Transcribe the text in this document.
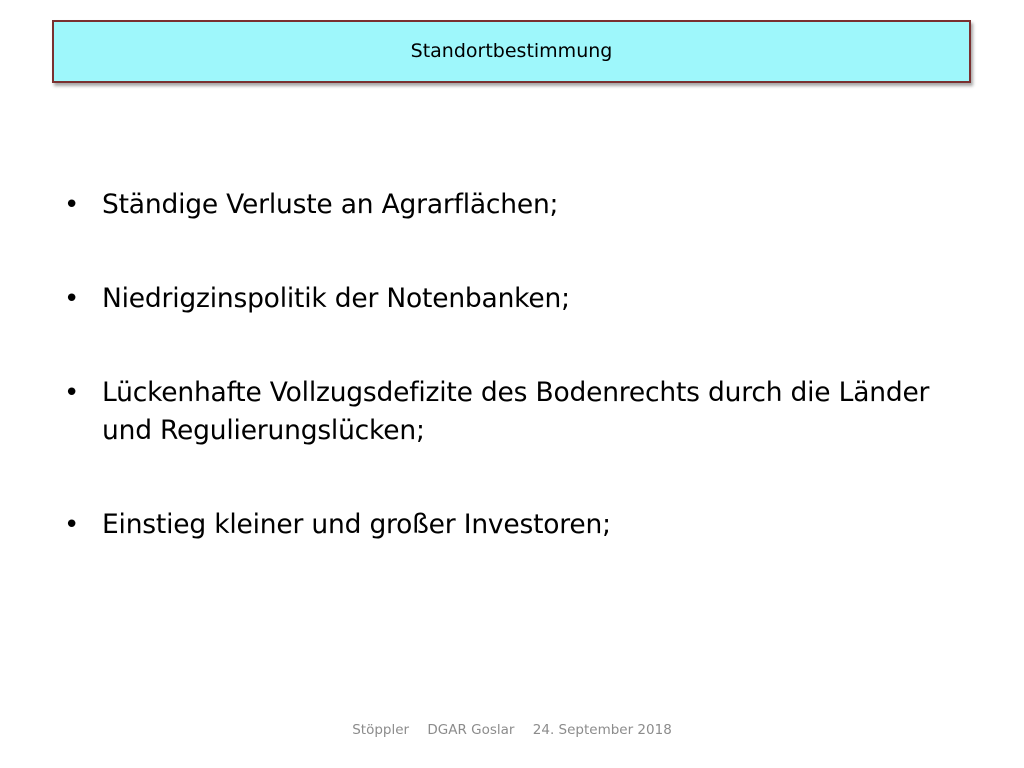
Standortbestimmung
• Ständige Verluste an Agrarflächen;
• Niedrigzinspolitik der Notenbanken;
• Lückenhafte Vollzugsdefizite des Bodenrechts durch die Länder und Regulierungslücken;
• Einstieg kleiner und großer Investoren;
Stöppler DGAR Goslar 24. September 2018
